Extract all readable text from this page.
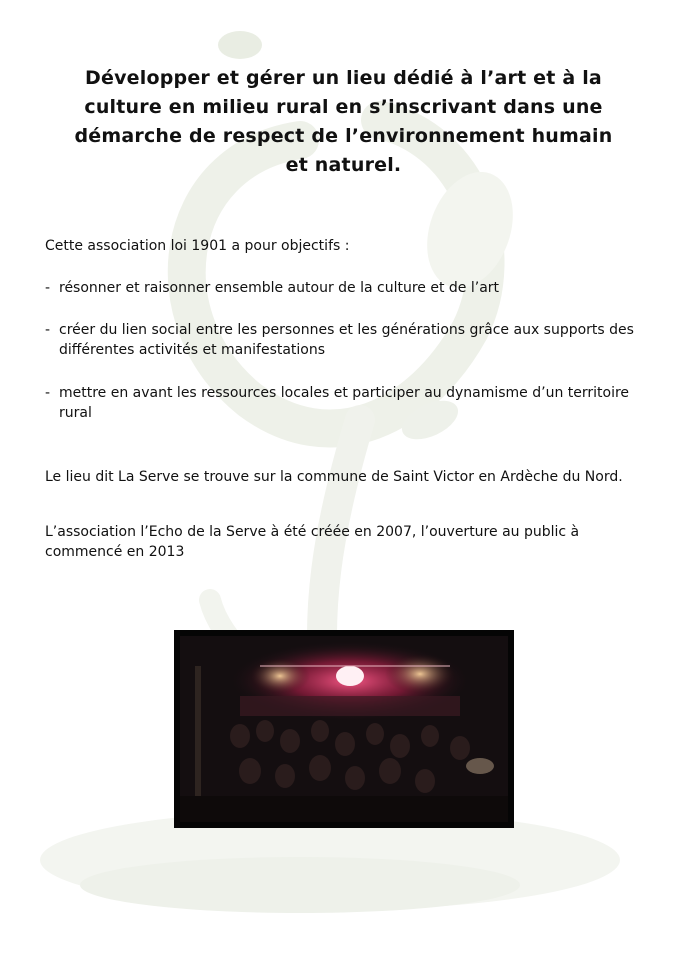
Développer et gérer un lieu dédié à l’art et à la culture en milieu rural en s’inscrivant dans une démarche de respect de l’environnement humain et naturel.
Cette association loi 1901 a pour objectifs :
- résonner et raisonner ensemble autour de la culture et de l’art
- créer du lien social entre les personnes et les générations grâce aux supports des différentes activités et manifestations
- mettre en avant les ressources locales et participer au dynamisme d’un territoire rural
Le lieu dit La Serve se trouve sur la commune de Saint Victor en Ardèche du Nord.
L’association l’Echo de la Serve à été créée en 2007, l’ouverture au public à commencé en 2013
